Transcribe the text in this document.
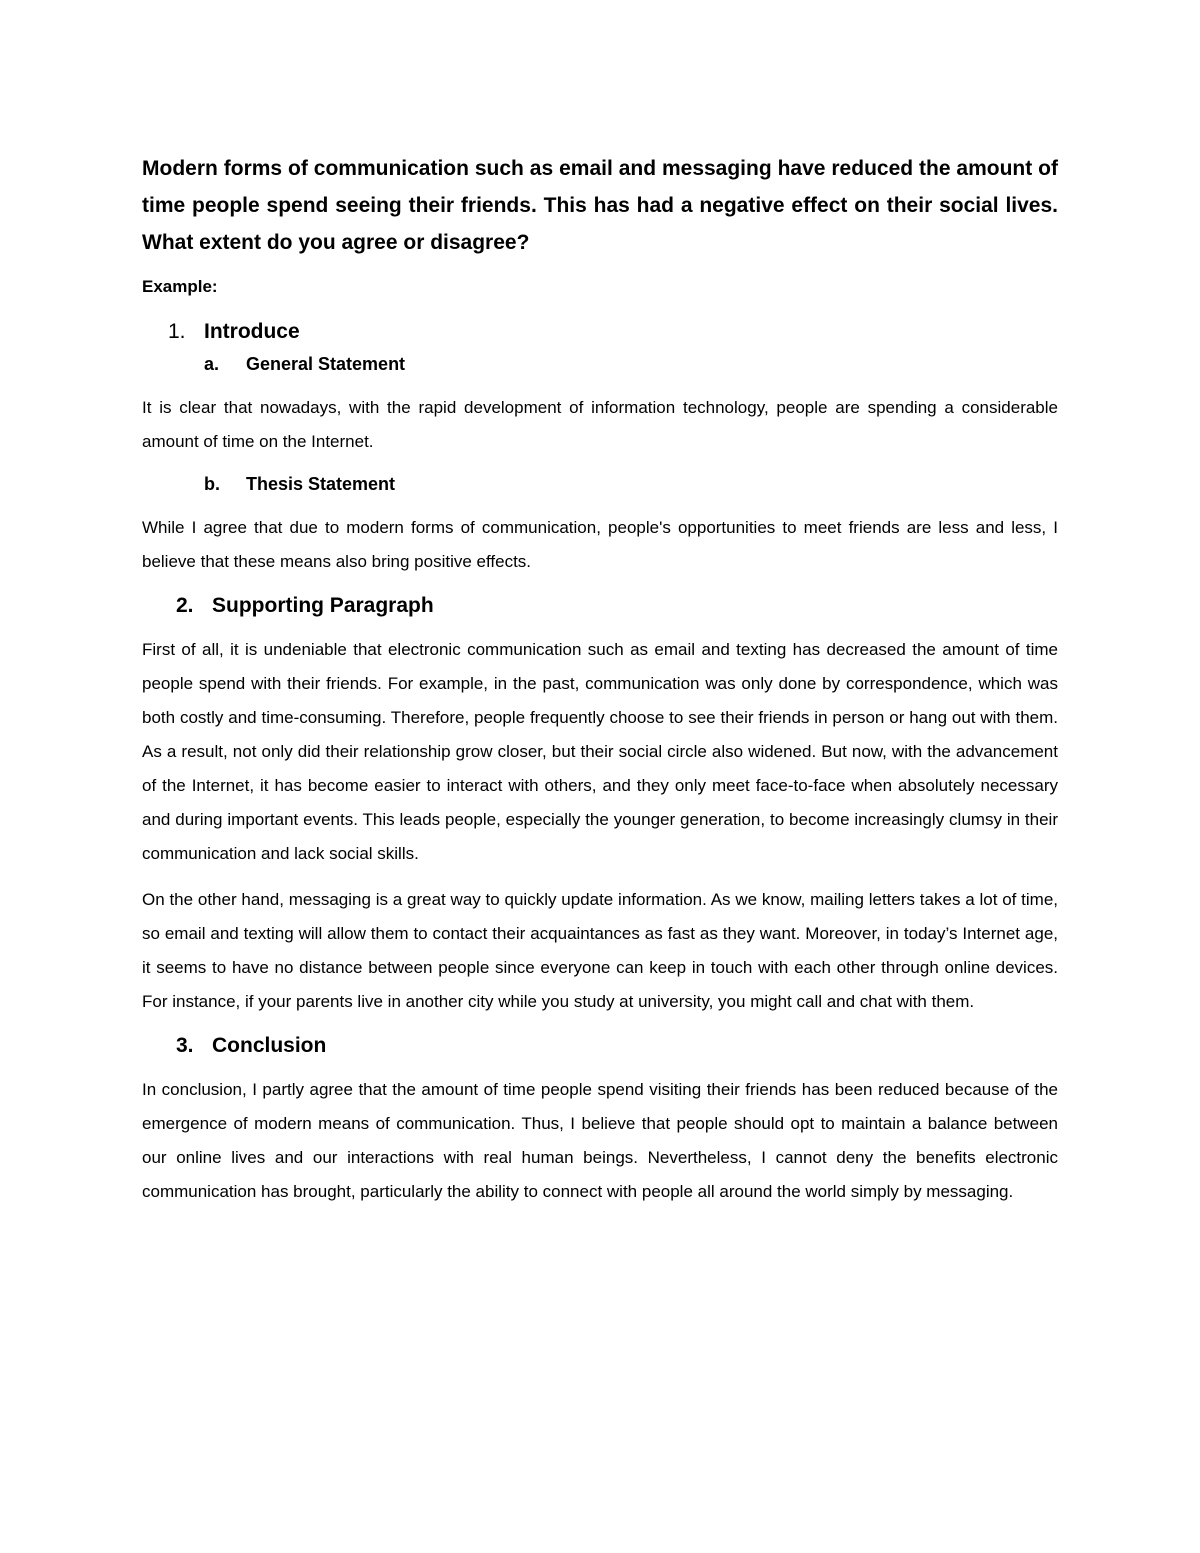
Modern forms of communication such as email and messaging have reduced the amount of time people spend seeing their friends. This has had a negative effect on their social lives. What extent do you agree or disagree?

Example:

1. Introduce
a.	General Statement

It is clear that nowadays, with the rapid development of information technology, people are spending a considerable amount of time on the Internet.

b.	Thesis Statement

While I agree that due to modern forms of communication, people's opportunities to meet friends are less and less, I believe that these means also bring positive effects.

2. Supporting Paragraph

First of all, it is undeniable that electronic communication such as email and texting has decreased the amount of time people spend with their friends. For example, in the past, communication was only done by correspondence, which was both costly and time-consuming. Therefore, people frequently choose to see their friends in person or hang out with them. As a result, not only did their relationship grow closer, but their social circle also widened. But now, with the advancement of the Internet, it has become easier to interact with others, and they only meet face-to-face when absolutely necessary and during important events. This leads people, especially the younger generation, to become increasingly clumsy in their communication and lack social skills.

On the other hand, messaging is a great way to quickly update information. As we know, mailing letters takes a lot of time, so email and texting will allow them to contact their acquaintances as fast as they want. Moreover, in today’s Internet age, it seems to have no distance between people since everyone can keep in touch with each other through online devices. For instance, if your parents live in another city while you study at university, you might call and chat with them.

3. Conclusion

In conclusion, I partly agree that the amount of time people spend visiting their friends has been reduced because of the emergence of modern means of communication. Thus, I believe that people should opt to maintain a balance between our online lives and our interactions with real human beings. Nevertheless, I cannot deny the benefits electronic communication has brought, particularly the ability to connect with people all around the world simply by messaging.
